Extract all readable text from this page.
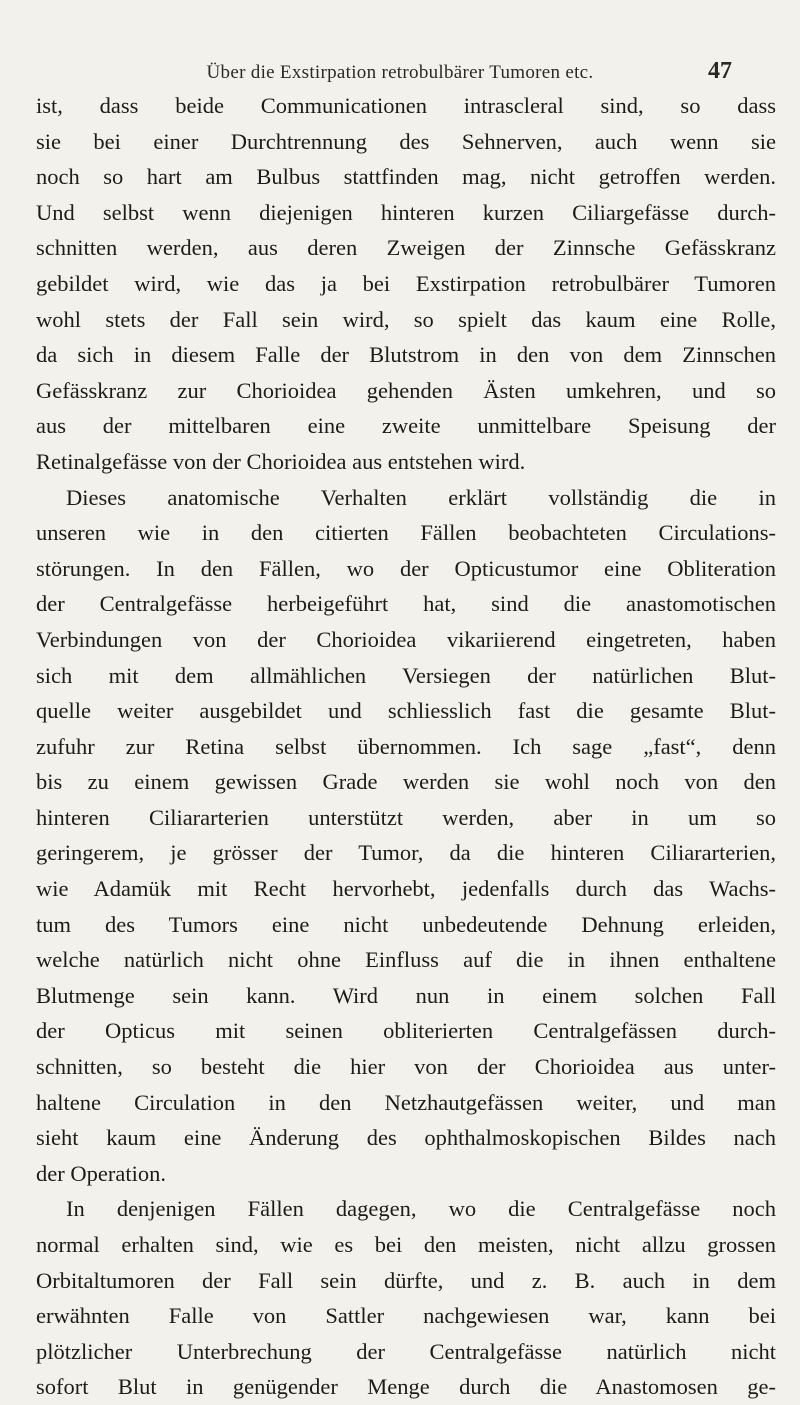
Über die Exstirpation retrobulbärer Tumoren etc.	47
ist, dass beide Communicationen intrascleral sind, so dass
sie bei einer Durchtrennung des Sehnerven, auch wenn sie
noch so hart am Bulbus stattfinden mag, nicht getroffen werden.
Und selbst wenn diejenigen hinteren kurzen Ciliargefässe durch-
schnitten werden, aus deren Zweigen der Zinnsche Gefässkranz
gebildet wird, wie das ja bei Exstirpation retrobulbärer Tumoren
wohl stets der Fall sein wird, so spielt das kaum eine Rolle,
da sich in diesem Falle der Blutstrom in den von dem Zinnschen
Gefässkranz zur Chorioidea gehenden Ästen umkehren, und so
aus der mittelbaren eine zweite unmittelbare Speisung der
Retinalgefässe von der Chorioidea aus entstehen wird.
Dieses anatomische Verhalten erklärt vollständig die in
unseren wie in den citierten Fällen beobachteten Circulations-
störungen. In den Fällen, wo der Opticustumor eine Obliteration
der Centralgefässe herbeigeführt hat, sind die anastomotischen
Verbindungen von der Chorioidea vikariierend eingetreten, haben
sich mit dem allmählichen Versiegen der natürlichen Blut-
quelle weiter ausgebildet und schliesslich fast die gesamte Blut-
zufuhr zur Retina selbst übernommen. Ich sage „fast“, denn
bis zu einem gewissen Grade werden sie wohl noch von den
hinteren Ciliararterien unterstützt werden, aber in um so
geringerem, je grösser der Tumor, da die hinteren Ciliararterien,
wie Adamük mit Recht hervorhebt, jedenfalls durch das Wachs-
tum des Tumors eine nicht unbedeutende Dehnung erleiden,
welche natürlich nicht ohne Einfluss auf die in ihnen enthaltene
Blutmenge sein kann. Wird nun in einem solchen Fall
der Opticus mit seinen obliterierten Centralgefässen durch-
schnitten, so besteht die hier von der Chorioidea aus unter-
haltene Circulation in den Netzhautgefässen weiter, und man
sieht kaum eine Änderung des ophthalmoskopischen Bildes nach
der Operation.
In denjenigen Fällen dagegen, wo die Centralgefässe noch
normal erhalten sind, wie es bei den meisten, nicht allzu grossen
Orbitaltumoren der Fall sein dürfte, und z. B. auch in dem
erwähnten Falle von Sattler nachgewiesen war, kann bei
plötzlicher Unterbrechung der Centralgefässe natürlich nicht
sofort Blut in genügender Menge durch die Anastomosen ge-
